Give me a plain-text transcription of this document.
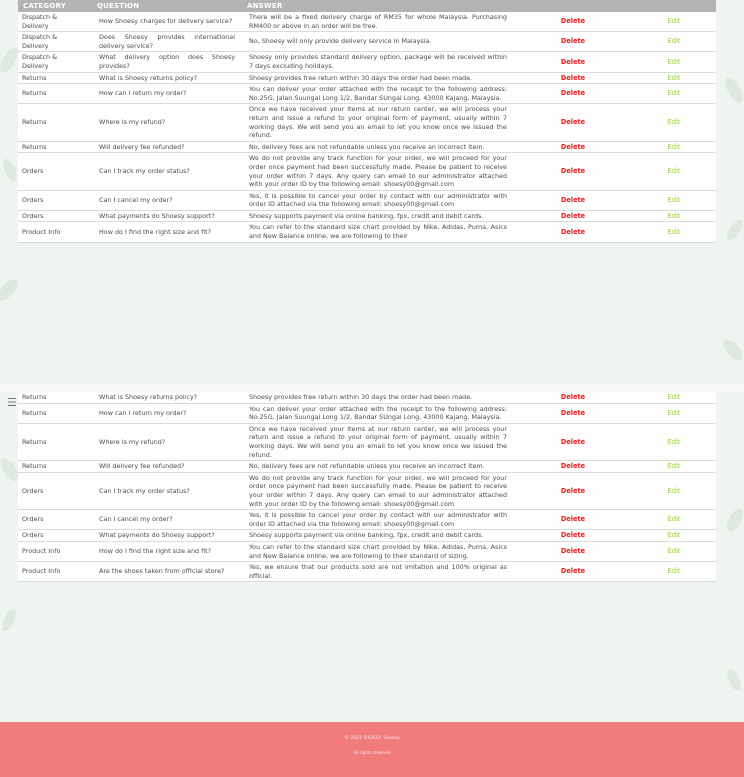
CATEGORY	QUESTION	ANSWER		
Dispatch & Delivery	How Shoesy charges for delivery service?	There will be a fixed delivery charge of RM35 for whole Malaysia. Purchasing RM400 or above in an order will be free.	Delete	Edit
Dispatch & Delivery	Does Shoesy provides international delivery service?	No, Shoesy will only provide delivery service in Malaysia.	Delete	Edit
Dispatch & Delivery	What delivery option does Shoesy provides?	Shoesy only provides standard delivery option, package will be received within 7 days excluding holidays.	Delete	Edit
Returns	What is Shoesy returns policy?	Shoesy provides free return within 30 days the order had been made.	Delete	Edit
Returns	How can I return my order?	You can deliver your order attached with the receipt to the following address: No.25G, Jalan Suungai Long 1/2, Bandar SUngai Long, 43000 Kajang, Malaysia.	Delete	Edit
Returns	Where is my refund?	Once we have received your items at our return center, we will process your return and issue a refund to your original form of payment, usually within 7 working days. We will send you an email to let you know once we issued the refund.	Delete	Edit
Returns	Will delivery fee refunded?	No, delivery fees are not refundable unless you receive an incorrect item.	Delete	Edit
Orders	Can I track my order status?	We do not provide any track function for your order, we will proceed for your order once payment had been successfully made. Please be patient to receive your order within 7 days. Any query can email to our administrator attached with your order ID by the following email: shoesy00@gmail.com	Delete	Edit
Orders	Can I cancel my order?	Yes, it is possible to cancel your order by contact with our administrator with order ID attached via the following email: shoesy00@gmail.com	Delete	Edit
Orders	What payments do Shoesy support?	Shoesy supports payment via online banking, fpx, credit and debit cards.	Delete	Edit
Product Info	How do I find the right size and fit?	You can refer to the standard size chart provided by Nike, Adidas, Puma, Asics and New Balance online, we are following to their	Delete	Edit
Returns	What is Shoesy returns policy?	Shoesy provides free return within 30 days the order had been made.	Delete	Edit
Returns	How can I return my order?	You can deliver your order attached with the receipt to the following address: No.25G, Jalan Suungai Long 1/2, Bandar SUngai Long, 43000 Kajang, Malaysia.	Delete	Edit
Returns	Where is my refund?	Once we have received your items at our return center, we will process your return and issue a refund to your original form of payment, usually within 7 working days. We will send you an email to let you know once we issued the refund.	Delete	Edit
Returns	Will delivery fee refunded?	No, delivery fees are not refundable unless you receive an incorrect item.	Delete	Edit
Orders	Can I track my order status?	We do not provide any track function for your order, we will proceed for your order once payment had been successfully made. Please be patient to receive your order within 7 days. Any query can email to our administrator attached with your order ID by the following email: shoesy00@gmail.com	Delete	Edit
Orders	Can I cancel my order?	Yes, it is possible to cancel your order by contact with our administrator with order ID attached via the following email: shoesy00@gmail.com	Delete	Edit
Orders	What payments do Shoesy support?	Shoesy supports payment via online banking, fpx, credit and debit cards.	Delete	Edit
Product Info	How do I find the right size and fit?	You can refer to the standard size chart provided by Nike, Adidas, Puma, Asics and New Balance online, we are following to their standard of sizing.	Delete	Edit
Product Info	Are the shoes taken from official store?	Yes, we ensure that our products sold are not imitation and 100% original as official.	Delete	Edit
☰
© 2021 SHOESY. Shoesy
All rights reserved
